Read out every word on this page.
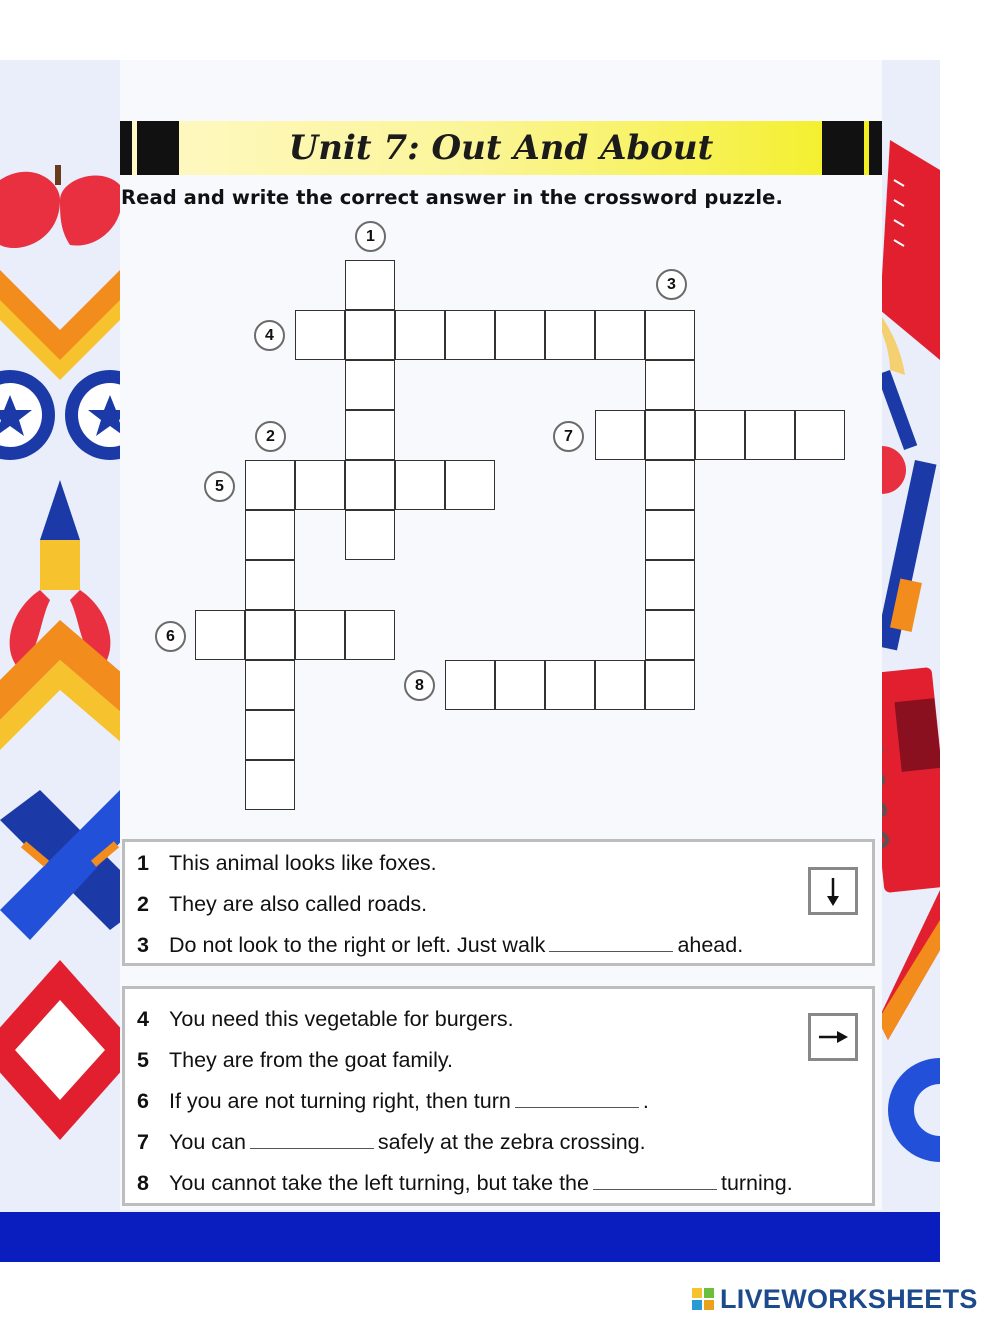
Unit 7: Out And About
Read and write the correct answer in the crossword puzzle.
1
2
3
4
5
6
7
8
1 This animal looks like foxes.
2 They are also called roads.
3 Do not look to the right or left. Just walk	ahead.
4 You need this vegetable for burgers.
5 They are from the goat family.
6 If you are not turning right, then turn	.
7 You can	safely at the zebra crossing.
8 You cannot take the left turning, but take the	turning.
LIVEWORKSHEETS
